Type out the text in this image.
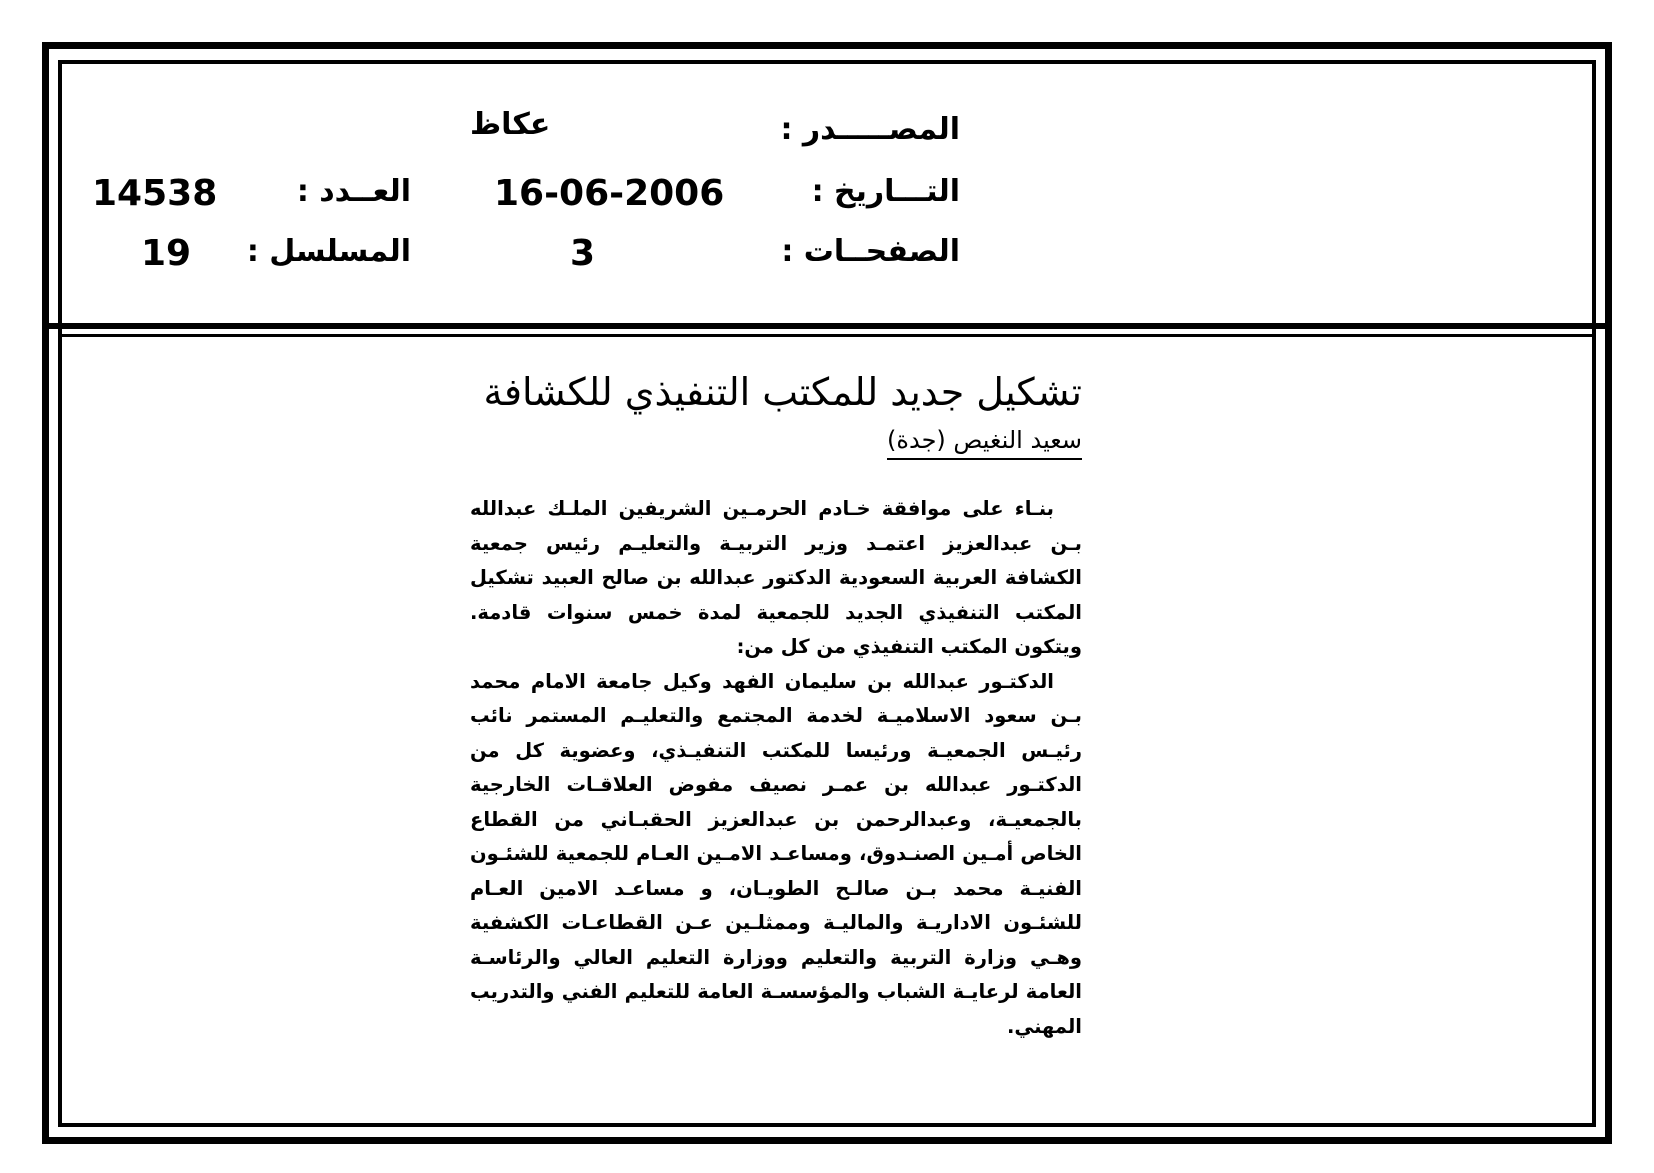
المصـــــدر :
عكاظ
التـــاريخ :
16-06-2006
الصفحــات :
3
العــدد :
14538
المسلسل :
19
تشكيل جديد للمكتب التنفيذي للكشافة
سعيد النغيص (جدة)

بنـاء على موافقة خـادم الحرمـين الشريفين الملـك عبدالله بـن عبدالعزيز اعتمـد وزير التربيـة والتعليـم رئيس جمعية الكشافة العربية السعودية الدكتور عبدالله بن صالح العبيد تشكيل المكتب التنفيذي الجديد للجمعية لمدة خمس سنوات قادمة. ويتكون المكتب التنفيذي من كل من:

الدكتـور عبدالله بن سليمان الفهد وكيل جامعة الامام محمد بـن سعود الاسلاميـة لخدمة المجتمع والتعليـم المستمر نائب رئيـس الجمعيـة ورئيسا للمكتب التنفيـذي، وعضوية كل من الدكتـور عبدالله بن عمـر نصيف مفوض العلاقـات الخارجية بالجمعيـة، وعبدالرحمن بن عبدالعزيز الحقبـاني من القطاع الخاص أمـين الصنـدوق، ومساعـد الامـين العـام للجمعية للشئـون الفنيـة محمد بـن صالـح الطويـان، و مساعـد الامين العـام للشئـون الاداريـة والماليـة وممثلـين عـن القطاعـات الكشفية وهـي وزارة التربية والتعليم ووزارة التعليم العالي والرئاسـة العامة لرعايـة الشباب والمؤسسـة العامة للتعليم الفني والتدريب المهني.
